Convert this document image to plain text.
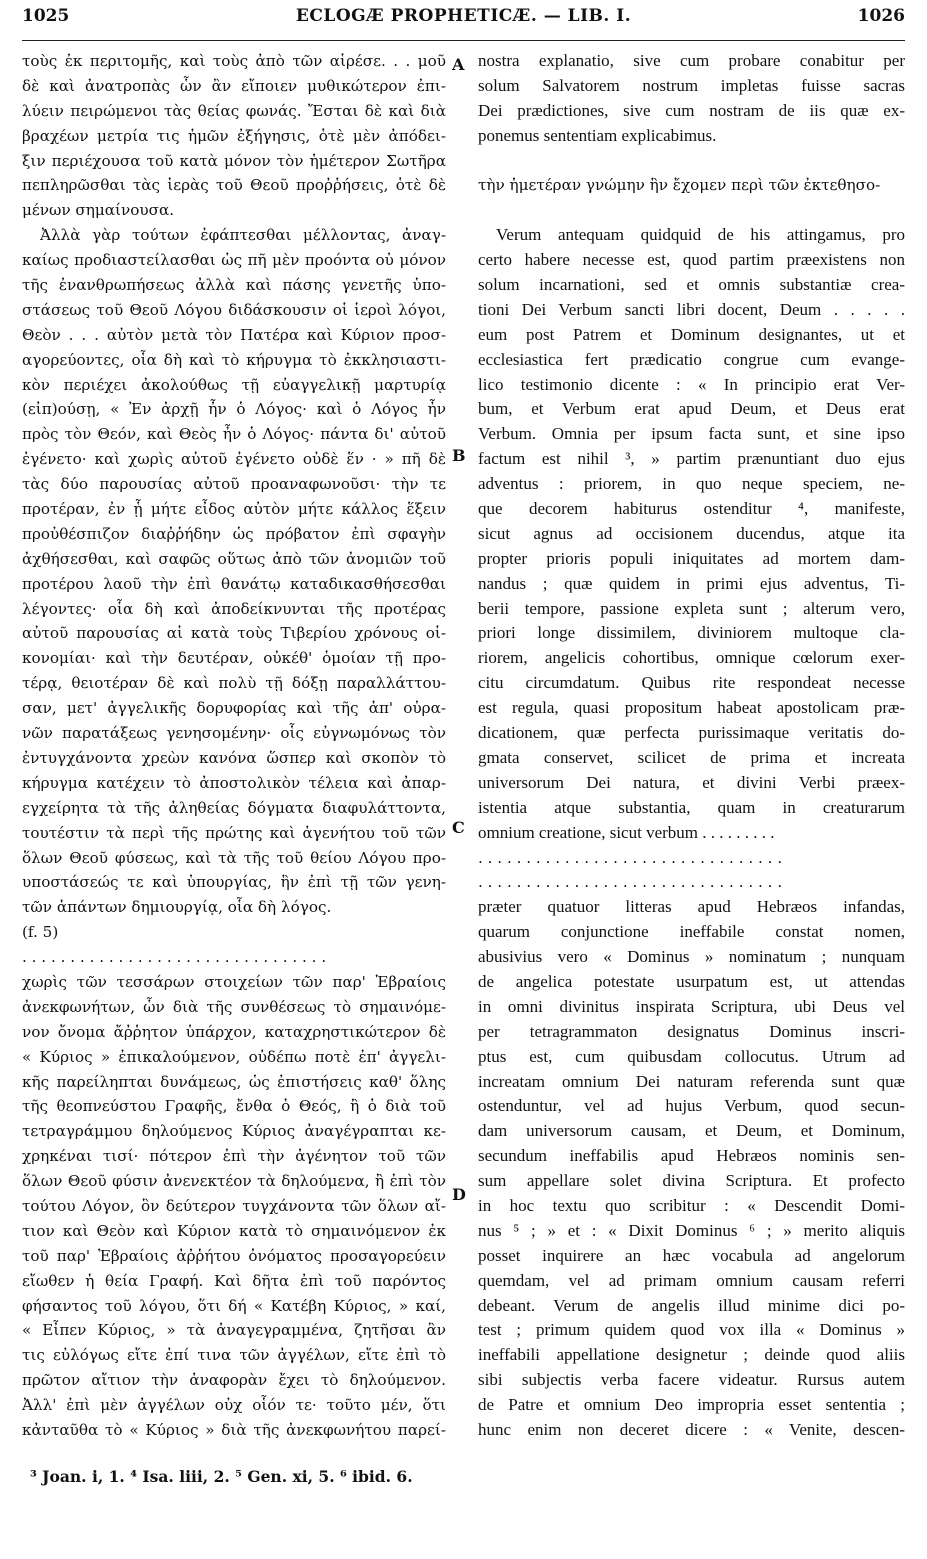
1025	ECLOGÆ PROPHETICÆ. — LIB. I.	1026
τοὺς ἐκ περιτομῆς, καὶ τοὺς ἀπὸ τῶν αἱρέσε. . . μοῦ
δὲ καὶ ἀνατροπὰς ὧν ἂν εἴποιεν μυθικώτερον ἐπι-
λύειν πειρώμενοι τὰς θείας φωνάς. Ἔσται δὲ καὶ διὰ
βραχέων μετρία τις ἡμῶν ἐξήγησις, ὁτὲ μὲν ἀπόδει-
ξιν περιέχουσα τοῦ κατὰ μόνον τὸν ἡμέτερον Σωτῆρα
πεπληρῶσθαι τὰς ἱερὰς τοῦ Θεοῦ προῤῥήσεις, ὁτὲ δὲ
μένων σημαίνουσα.
Ἀλλὰ γὰρ τούτων ἐφάπτεσθαι μέλλοντας, ἀναγ-
καίως προδιαστείλασθαι ὡς πῆ μὲν προόντα οὐ μόνον
τῆς ἐνανθρωπήσεως ἀλλὰ καὶ πάσης γενετῆς ὑπο-
στάσεως τοῦ Θεοῦ Λόγου διδάσκουσιν οἱ ἱεροὶ λόγοι,
Θεὸν . . . αὐτὸν μετὰ τὸν Πατέρα καὶ Κύριον προσ-
αγορεύοντες, οἷα δὴ καὶ τὸ κήρυγμα τὸ ἐκκλησιαστι-
κὸν περιέχει ἀκολούθως τῇ εὐαγγελικῇ μαρτυρίᾳ
(εἰπ)ούσῃ, « Ἐν ἀρχῇ ἦν ὁ Λόγος· καὶ ὁ Λόγος ἦν
πρὸς τὸν Θεόν, καὶ Θεὸς ἦν ὁ Λόγος· πάντα δι' αὐτοῦ
ἐγένετο· καὶ χωρὶς αὐτοῦ ἐγένετο οὐδὲ ἕν · » πῆ δὲ
τὰς δύο παρουσίας αὐτοῦ προαναφωνοῦσι· τὴν τε
προτέραν, ἐν ᾗ μήτε εἶδος αὐτὸν μήτε κάλλος ἕξειν
προὐθέσπιζον διαῤῥήδην ὡς πρόβατον ἐπὶ σφαγὴν
ἀχθήσεσθαι, καὶ σαφῶς οὕτως ἀπὸ τῶν ἀνομιῶν τοῦ
προτέρου λαοῦ τὴν ἐπὶ θανάτῳ καταδικασθήσεσθαι
λέγοντες· οἷα δὴ καὶ ἀποδείκνυνται τῆς προτέρας
αὐτοῦ παρουσίας αἱ κατὰ τοὺς Τιβερίου χρόνους οἰ-
κονομίαι· καὶ τὴν δευτέραν, οὐκέθ' ὁμοίαν τῇ προ-
τέρᾳ, θειοτέραν δὲ καὶ πολὺ τῇ δόξῃ παραλλάττου-
σαν, μετ' ἀγγελικῆς δορυφορίας καὶ τῆς ἀπ' οὐρα-
νῶν παρατάξεως γενησομένην· οἷς εὐγνωμόνως τὸν
ἐντυγχάνοντα χρεὼν κανόνα ὥσπερ καὶ σκοπὸν τὸ
κήρυγμα κατέχειν τὸ ἀποστολικὸν τέλεια καὶ ἀπαρ-
εγχείρητα τὰ τῆς ἀληθείας δόγματα διαφυλάττοντα,
τουτέστιν τὰ περὶ τῆς πρώτης καὶ ἀγενήτου τοῦ τῶν
ὅλων Θεοῦ φύσεως, καὶ τὰ τῆς τοῦ θείου Λόγου προ-
υποστάσεώς τε καὶ ὑπουργίας, ἣν ἐπὶ τῇ τῶν γενη-
τῶν ἁπάντων δημιουργίᾳ, οἷα δὴ λόγος.
(f. 5)
. . . . . . . . . . . . . . . . . . . . . . . . . . . . . . . .
χωρὶς τῶν τεσσάρων στοιχείων τῶν παρ' Ἑβραίοις
ἀνεκφωνήτων, ὧν διὰ τῆς συνθέσεως τὸ σημαινόμε-
νον ὄνομα ἄῤῥητον ὑπάρχον, καταχρηστικώτερον δὲ
« Κύριος » ἐπικαλούμενον, οὐδέπω ποτὲ ἐπ' ἀγγελι-
κῆς παρείληπται δυνάμεως, ὡς ἐπιστήσεις καθ' ὅλης
τῆς θεοπνεύστου Γραφῆς, ἔνθα ὁ Θεός, ἢ ὁ διὰ τοῦ
τετραγράμμου δηλούμενος Κύριος ἀναγέγραπται κε-
χρηκέναι τισί· πότερον ἐπὶ τὴν ἀγένητον τοῦ τῶν
ὅλων Θεοῦ φύσιν ἀνενεκτέον τὰ δηλούμενα, ἢ ἐπὶ τὸν
τούτου Λόγον, ὃν δεύτερον τυγχάνοντα τῶν ὅλων αἴ-
τιον καὶ Θεὸν καὶ Κύριον κατὰ τὸ σημαινόμενον ἐκ
τοῦ παρ' Ἑβραίοις ἀῤῥήτου ὀνόματος προσαγορεύειν
εἴωθεν ἡ θεία Γραφή. Καὶ δῆτα ἐπὶ τοῦ παρόντος
φήσαντος τοῦ λόγου, ὅτι δή « Κατέβη Κύριος, » καί,
« Εἶπεν Κύριος, » τὰ ἀναγεγραμμένα, ζητῆσαι ἂν
τις εὐλόγως εἴτε ἐπί τινα τῶν ἀγγέλων, εἴτε ἐπὶ τὸ
πρῶτον αἴτιον τὴν ἀναφορὰν ἔχει τὸ δηλούμενον.
Ἀλλ' ἐπὶ μὲν ἀγγέλων οὐχ οἷόν τε· τοῦτο μέν, ὅτι
κἀνταῦθα τὸ « Κύριος » διὰ τῆς ἀνεκφωνήτου παρεί-
A
B
C
D
nostra explanatio, sive cum probare conabitur per
solum Salvatorem nostrum impletas fuisse sacras
Dei prædictiones, sive cum nostram de iis quæ ex-
ponemus sententiam explicabimus.
τὴν ἡμετέραν γνώμην ἣν ἔχομεν περὶ τῶν ἐκτεθησο-
Verum antequam quidquid de his attingamus, pro
certo habere necesse est, quod partim præexistens non
solum incarnationi, sed et omnis substantiæ crea-
tioni Dei Verbum sancti libri docent, Deum . . . . .
eum post Patrem et Dominum designantes, ut et
ecclesiastica fert prædicatio congrue cum evange-
lico testimonio dicente : « In principio erat Ver-
bum, et Verbum erat apud Deum, et Deus erat
Verbum. Omnia per ipsum facta sunt, et sine ipso
factum est nihil ³, » partim prænuntiant duo ejus
adventus : priorem, in quo neque speciem, ne-
que decorem habiturus ostenditur ⁴, manifeste,
sicut agnus ad occisionem ducendus, atque ita
propter prioris populi iniquitates ad mortem dam-
nandus ; quæ quidem in primi ejus adventus, Ti-
berii tempore, passione expleta sunt ; alterum vero,
priori longe dissimilem, diviniorem multoque cla-
riorem, angelicis cohortibus, omnique cœlorum exer-
citu circumdatum. Quibus rite respondeat necesse
est regula, quasi propositum habeat apostolicam præ-
dicationem, quæ perfecta purissimaque veritatis do-
gmata conservet, scilicet de prima et increata
universorum Dei natura, et divini Verbi præex-
istentia atque substantia, quam in creaturarum
omnium creatione, sicut verbum . . . . . . . . .
. . . . . . . . . . . . . . . . . . . . . . . . . . . . . . . .
. . . . . . . . . . . . . . . . . . . . . . . . . . . . . . . .
præter quatuor litteras apud Hebræos infandas,
quarum conjunctione ineffabile constat nomen,
abusivius vero « Dominus » nominatum ; nunquam
de angelica potestate usurpatum est, ut attendas
in omni divinitus inspirata Scriptura, ubi Deus vel
per tetragrammaton designatus Dominus inscri-
ptus est, cum quibusdam collocutus. Utrum ad
increatam omnium Dei naturam referenda sunt quæ
ostenduntur, vel ad hujus Verbum, quod secun-
dam universorum causam, et Deum, et Dominum,
secundum ineffabilis apud Hebræos nominis sen-
sum appellare solet divina Scriptura. Et profecto
in hoc textu quo scribitur : « Descendit Domi-
nus ⁵ ; » et : « Dixit Dominus ⁶ ; » merito aliquis
posset inquirere an hæc vocabula ad angelorum
quemdam, vel ad primam omnium causam referri
debeant. Verum de angelis illud minime dici po-
test ; primum quidem quod vox illa « Dominus »
ineffabili appellatione designetur ; deinde quod aliis
sibi subjectis verba facere videatur. Rursus autem
de Patre et omnium Deo impropria esset sententia ;
hunc enim non deceret dicere : « Venite, descen-
³ Joan. i, 1. ⁴ Isa. liii, 2. ⁵ Gen. xi, 5. ⁶ ibid. 6.
